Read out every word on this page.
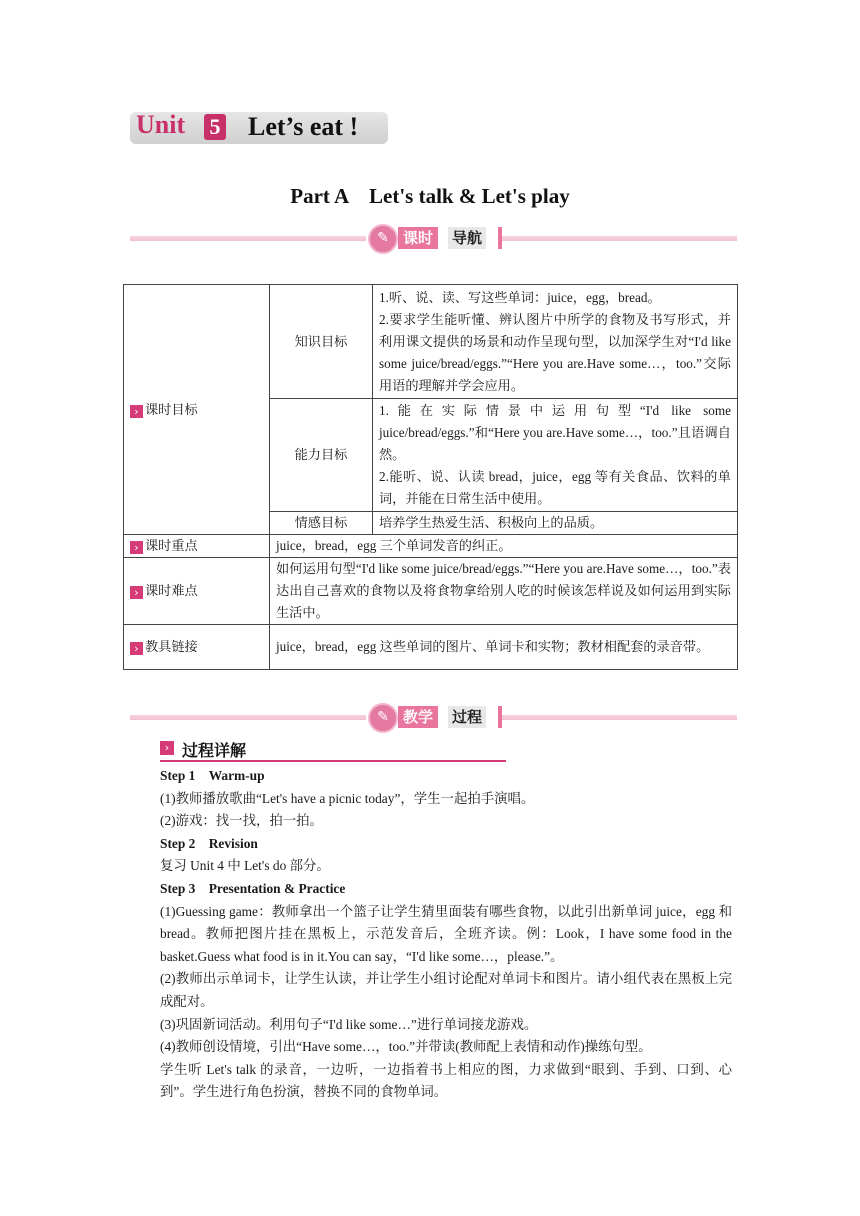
Unit 5 Let’s eat !
Part A　Let's talk & Let's play
✎ 课时	导航
› 课时目标	知识目标	1.听、说、读、写这些单词：juice，egg，bread。
2.要求学生能听懂、辨认图片中所学的食物及书写形式，并利用课文提供的场景和动作呈现句型，以加深学生对“I'd like some juice/bread/eggs.”“Here you are.Have some…，too.”交际用语的理解并学会应用。
	能力目标	1.能在实际情景中运用句型“I'd like some juice/bread/eggs.”和“Here you are.Have some…，too.”且语调自然。
2.能听、说、认读 bread，juice，egg 等有关食品、饮料的单词，并能在日常生活中使用。
	情感目标	培养学生热爱生活、积极向上的品质。
› 课时重点	juice，bread，egg 三个单词发音的纠正。	
› 课时难点	如何运用句型“I'd like some juice/bread/eggs.”“Here you are.Have some…，too.”表达出自己喜欢的食物以及将食物拿给别人吃的时候该怎样说及如何运用到实际生活中。	
› 教具链接	juice，bread，egg 这些单词的图片、单词卡和实物；教材相配套的录音带。	
✎ 教学	过程
› 过程详解

Step 1　Warm-up

(1)教师播放歌曲“Let's have a picnic today”，学生一起拍手演唱。

(2)游戏：找一找，拍一拍。

Step 2　Revision

复习 Unit 4 中 Let's do 部分。

Step 3　Presentation & Practice

(1)Guessing game：教师拿出一个篮子让学生猜里面装有哪些食物，以此引出新单词 juice，egg 和 bread。教师把图片挂在黑板上，示范发音后，全班齐读。例：Look，I have some food in the basket.Guess what food is in it.You can say，“I'd like some…，please.”。

(2)教师出示单词卡，让学生认读，并让学生小组讨论配对单词卡和图片。请小组代表在黑板上完成配对。

(3)巩固新词活动。利用句子“I'd like some…”进行单词接龙游戏。

(4)教师创设情境，引出“Have some…，too.”并带读(教师配上表情和动作)操练句型。

学生听 Let's talk 的录音，一边听，一边指着书上相应的图，力求做到“眼到、手到、口到、心到”。学生进行角色扮演，替换不同的食物单词。
